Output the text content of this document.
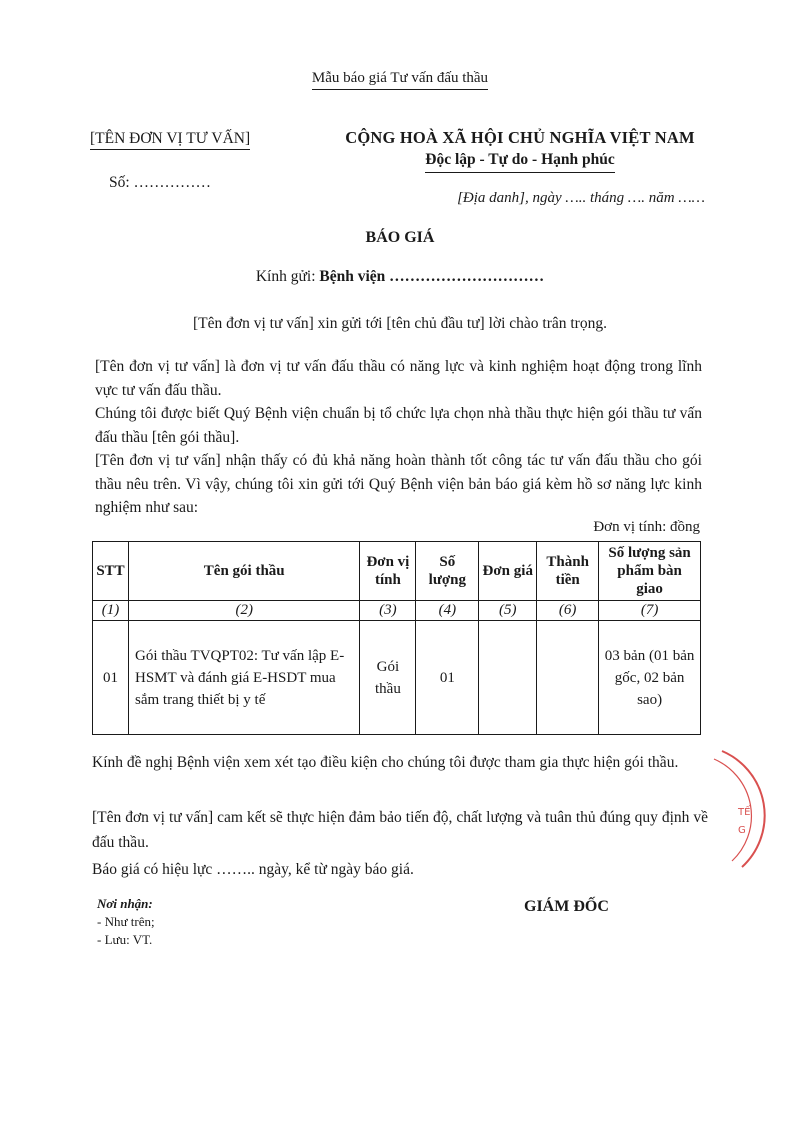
Mẫu báo giá Tư vấn đấu thầu
[TÊN ĐƠN VỊ TƯ VẤN]
Số: ……………
CỘNG HOÀ XÃ HỘI CHỦ NGHĨA VIỆT NAM
Độc lập - Tự do - Hạnh phúc
[Địa danh], ngày ….. tháng …. năm ……
BÁO GIÁ
Kính gửi: Bệnh viện …………………………
[Tên đơn vị tư vấn] xin gửi tới [tên chủ đầu tư] lời chào trân trọng.
[Tên đơn vị tư vấn] là đơn vị tư vấn đấu thầu có năng lực và kinh nghiệm hoạt động trong lĩnh vực tư vấn đấu thầu.
Chúng tôi được biết Quý Bệnh viện chuẩn bị tổ chức lựa chọn nhà thầu thực hiện gói thầu tư vấn đấu thầu [tên gói thầu].
[Tên đơn vị tư vấn] nhận thấy có đủ khả năng hoàn thành tốt công tác tư vấn đấu thầu cho gói thầu nêu trên. Vì vậy, chúng tôi xin gửi tới Quý Bệnh viện bản báo giá kèm hồ sơ năng lực kinh nghiệm như sau:
Đơn vị tính: đồng
STT	Tên gói thầu	Đơn vị tính	Số lượng	Đơn giá	Thành tiền	Số lượng sản phẩm bàn giao
(1)	(2)	(3)	(4)	(5)	(6)	(7)
01	Gói thầu TVQPT02: Tư vấn lập E-HSMT và đánh giá E-HSDT mua sắm trang thiết bị y tế	Gói thầu	01			03 bản (01 bản gốc, 02 bản sao)
Kính đề nghị Bệnh viện xem xét tạo điều kiện cho chúng tôi được tham gia thực hiện gói thầu.
[Tên đơn vị tư vấn] cam kết sẽ thực hiện đảm bảo tiến độ, chất lượng và tuân thủ đúng quy định về đấu thầu.
Báo giá có hiệu lực …….. ngày, kể từ ngày báo giá.
Nơi nhận:
- Như trên;
- Lưu: VT.
GIÁM ĐỐC
TẾ
G
